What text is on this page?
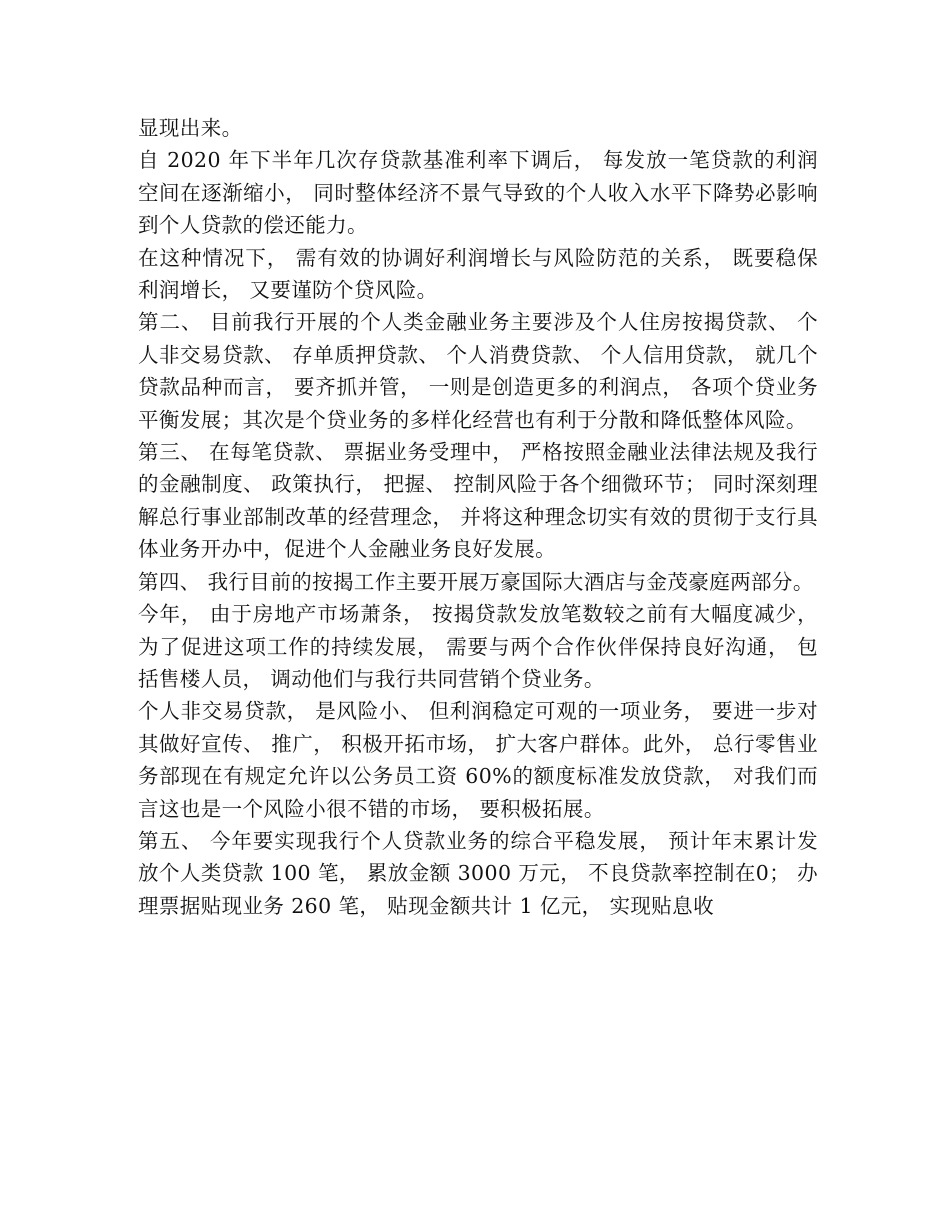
显现出来。

自 2020 年下半年几次存贷款基准利率下调后， 每发放一笔贷款的利润空间在逐渐缩小， 同时整体经济不景气导致的个人收入水平下降势必影响到个人贷款的偿还能力。

在这种情况下， 需有效的协调好利润增长与风险防范的关系， 既要稳保利润增长， 又要谨防个贷风险。

第二、 目前我行开展的个人类金融业务主要涉及个人住房按揭贷款、 个人非交易贷款、 存单质押贷款、 个人消费贷款、 个人信用贷款， 就几个贷款品种而言， 要齐抓并管， 一则是创造更多的利润点， 各项个贷业务平衡发展；其次是个贷业务的多样化经营也有利于分散和降低整体风险。

第三、 在每笔贷款、 票据业务受理中， 严格按照金融业法律法规及我行的金融制度、 政策执行， 把握、 控制风险于各个细微环节； 同时深刻理解总行事业部制改革的经营理念， 并将这种理念切实有效的贯彻于支行具体业务开办中，促进个人金融业务良好发展。

第四、 我行目前的按揭工作主要开展万豪国际大酒店与金茂豪庭两部分。

今年， 由于房地产市场萧条， 按揭贷款发放笔数较之前有大幅度减少， 为了促进这项工作的持续发展， 需要与两个合作伙伴保持良好沟通， 包括售楼人员， 调动他们与我行共同营销个贷业务。

个人非交易贷款， 是风险小、 但利润稳定可观的一项业务， 要进一步对其做好宣传、 推广， 积极开拓市场， 扩大客户群体。此外， 总行零售业务部现在有规定允许以公务员工资 60%的额度标准发放贷款， 对我们而言这也是一个风险小很不错的市场， 要积极拓展。

第五、 今年要实现我行个人贷款业务的综合平稳发展， 预计年末累计发放个人类贷款 100 笔， 累放金额 3000 万元， 不良贷款率控制在0； 办理票据贴现业务 260 笔， 贴现金额共计 1 亿元， 实现贴息收
